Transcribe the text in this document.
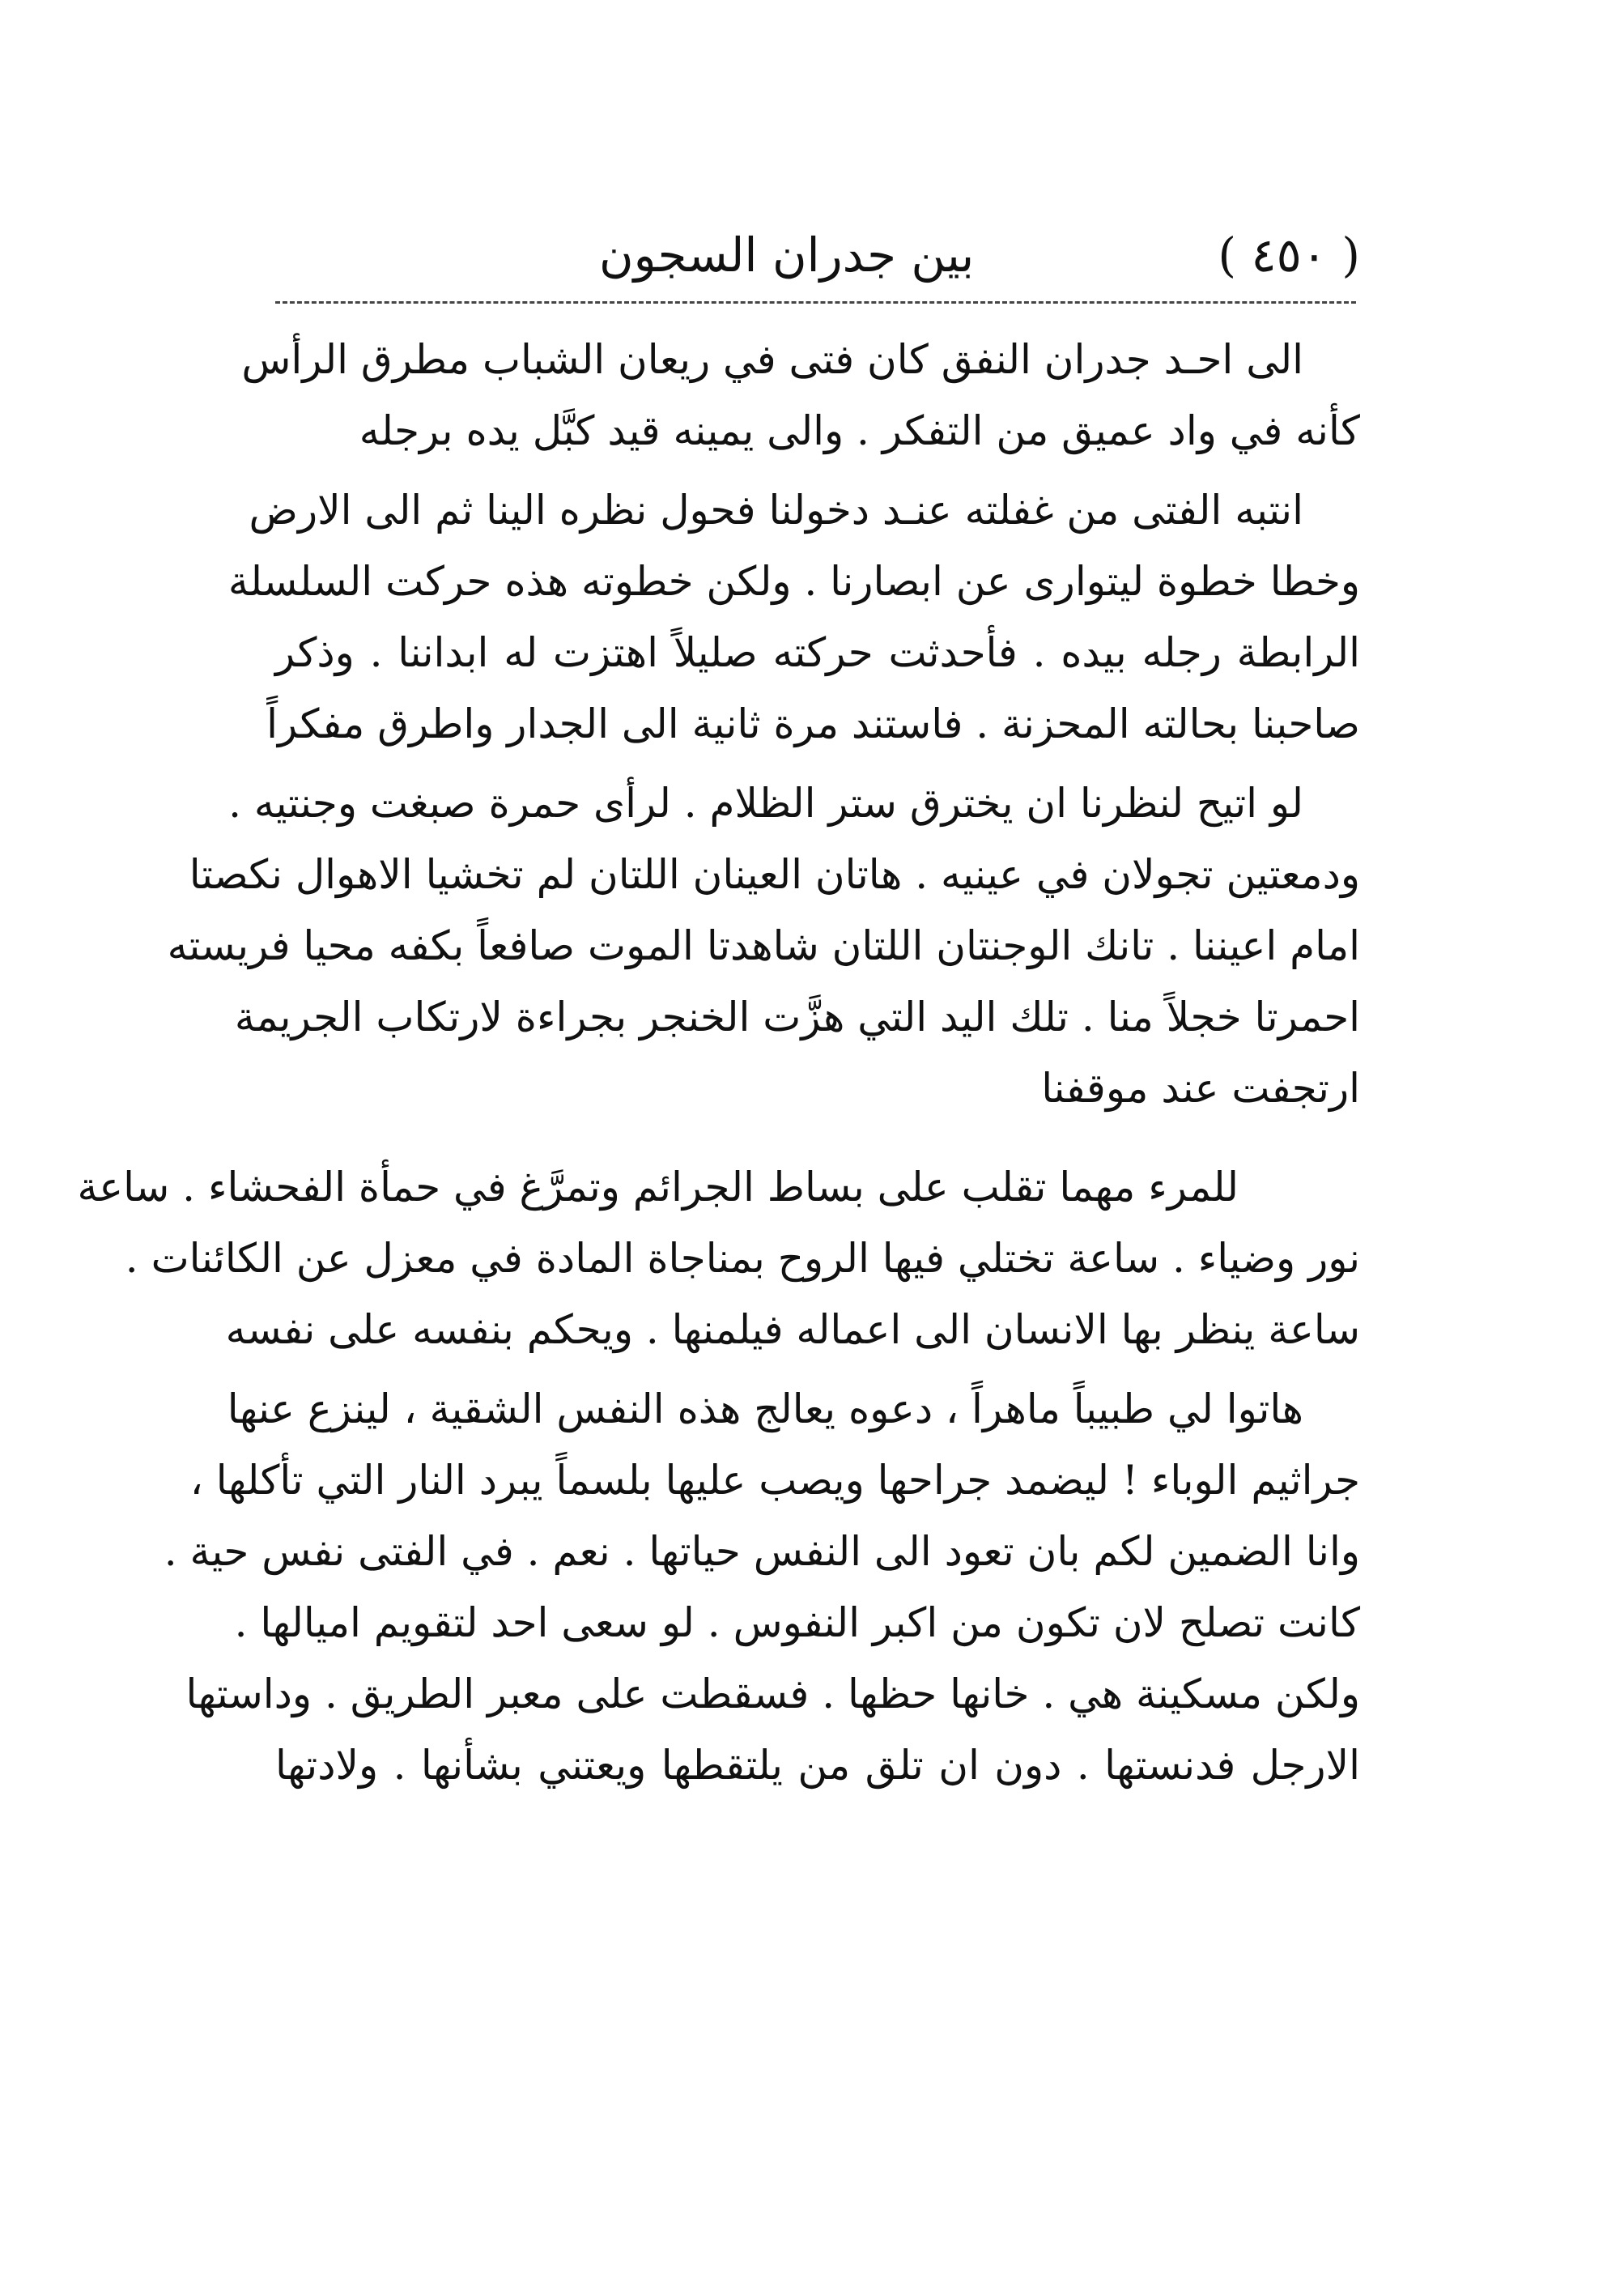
( ٤٥٠ )
بين جدران السجون
الى احـد جدران النفق كان فتى في ريعان الشباب مطرق الرأس
كأنه في واد عميق من التفكر . والى يمينه قيد كبَّل يده برجله
انتبه الفتى من غفلته عنـد دخولنا فحول نظره الينا ثم الى الارض
وخطا خطوة ليتوارى عن ابصارنا . ولكن خطوته هذه حركت السلسلة
الرابطة رجله بيده . فأحدثت حركته صليلاً اهتزت له ابداننا . وذكر
صاحبنا بحالته المحزنة . فاستند مرة ثانية الى الجدار واطرق مفكراً
لو اتيح لنظرنا ان يخترق ستر الظلام . لرأى حمرة صبغت وجنتيه .
ودمعتين تجولان في عينيه . هاتان العينان اللتان لم تخشيا الاهوال نكصتا
امام اعيننا . تانك الوجنتان اللتان شاهدتا الموت صافعاً بكفه محيا فريسته
احمرتا خجلاً منا . تلك اليد التي هزَّت الخنجر بجراءة لارتكاب الجريمة
ارتجفت عند موقفنا
للمرء مهما تقلب على بساط الجرائم وتمرَّغ في حمأة الفحشاء . ساعة
نور وضياء . ساعة تختلي فيها الروح بمناجاة المادة في معزل عن الكائنات .
ساعة ينظر بها الانسان الى اعماله فيلمنها . ويحكم بنفسه على نفسه
هاتوا لي طبيباً ماهراً ، دعوه يعالج هذه النفس الشقية ، لينزع عنها
جراثيم الوباء ! ليضمد جراحها ويصب عليها بلسماً يبرد النار التي تأكلها ،
وانا الضمين لكم بان تعود الى النفس حياتها . نعم . في الفتى نفس حية .
كانت تصلح لان تكون من اكبر النفوس . لو سعى احد لتقويم اميالها .
ولكن مسكينة هي . خانها حظها . فسقطت على معبر الطريق . وداستها
الارجل فدنستها . دون ان تلق من يلتقطها ويعتني بشأنها . ولادتها
